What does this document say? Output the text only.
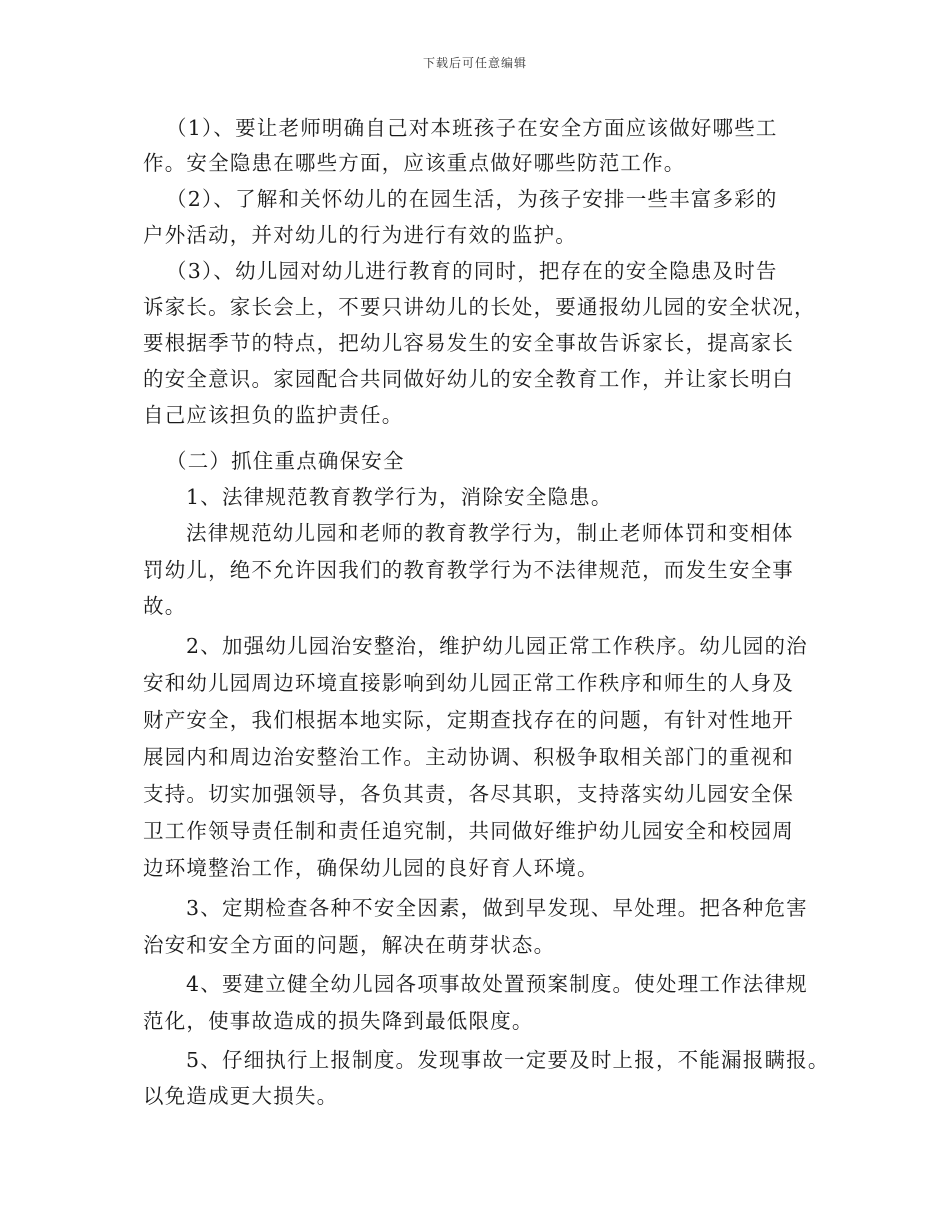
下载后可任意编辑
（1）、要让老师明确自己对本班孩子在安全方面应该做好哪些工
作。安全隐患在哪些方面，应该重点做好哪些防范工作。
（2）、了解和关怀幼儿的在园生活，为孩子安排一些丰富多彩的
户外活动，并对幼儿的行为进行有效的监护。
（3）、幼儿园对幼儿进行教育的同时，把存在的安全隐患及时告
诉家长。家长会上，不要只讲幼儿的长处，要通报幼儿园的安全状况，
要根据季节的特点，把幼儿容易发生的安全事故告诉家长，提高家长
的安全意识。家园配合共同做好幼儿的安全教育工作，并让家长明白
自己应该担负的监护责任。
（二）抓住重点确保安全
1、法律规范教育教学行为，消除安全隐患。
法律规范幼儿园和老师的教育教学行为，制止老师体罚和变相体
罚幼儿，绝不允许因我们的教育教学行为不法律规范，而发生安全事
故。
2、加强幼儿园治安整治，维护幼儿园正常工作秩序。幼儿园的治
安和幼儿园周边环境直接影响到幼儿园正常工作秩序和师生的人身及
财产安全，我们根据本地实际，定期查找存在的问题，有针对性地开
展园内和周边治安整治工作。主动协调、积极争取相关部门的重视和
支持。切实加强领导，各负其责，各尽其职，支持落实幼儿园安全保
卫工作领导责任制和责任追究制，共同做好维护幼儿园安全和校园周
边环境整治工作，确保幼儿园的良好育人环境。
3、定期检查各种不安全因素，做到早发现、早处理。把各种危害
治安和安全方面的问题，解决在萌芽状态。
4、要建立健全幼儿园各项事故处置预案制度。使处理工作法律规
范化，使事故造成的损失降到最低限度。
5、仔细执行上报制度。发现事故一定要及时上报，不能漏报瞒报。
以免造成更大损失。
